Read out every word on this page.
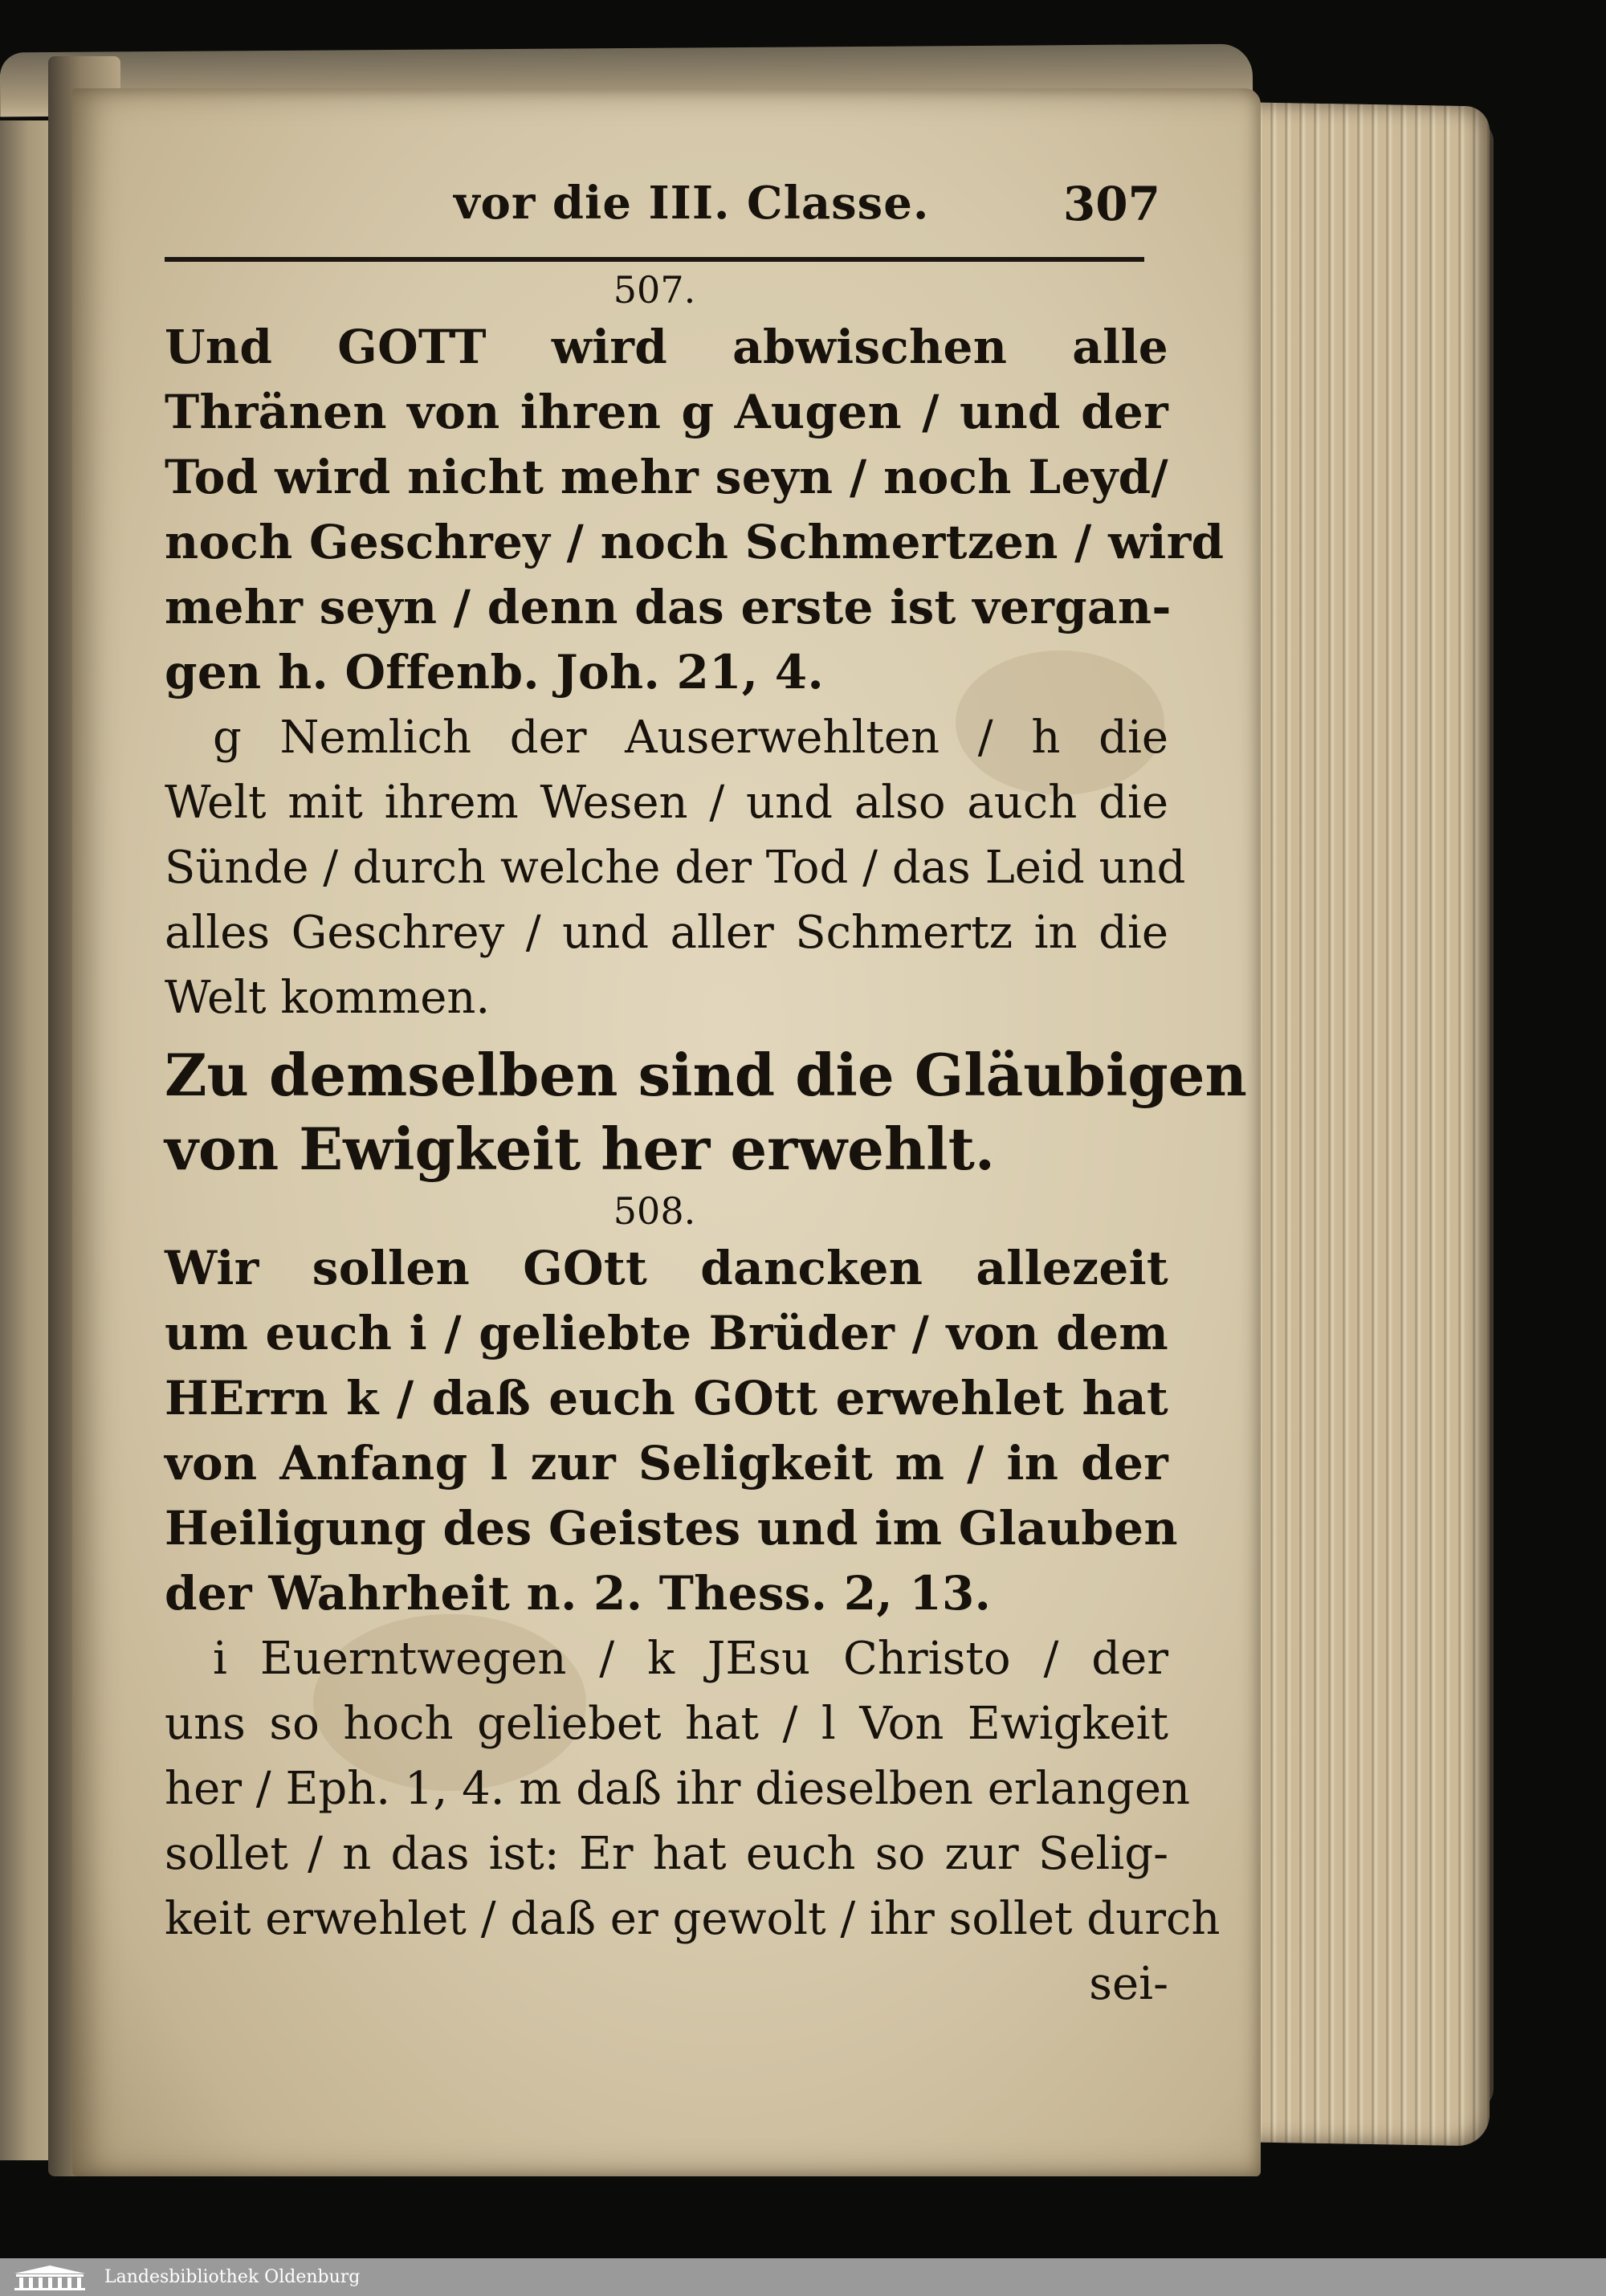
vor die III. Classe.	307
507.
Und GOTT wird abwischen alle
Thränen von ihren g Augen / und der
Tod wird nicht mehr seyn / noch Leyd/
noch Geschrey / noch Schmertzen / wird
mehr seyn / denn das erste ist vergan-
gen h. Offenb. Joh. 21, 4.
g Nemlich der Auserwehlten / h die
Welt mit ihrem Wesen / und also auch die
Sünde / durch welche der Tod / das Leid und
alles Geschrey / und aller Schmertz in die
Welt kommen.
Zu demselben sind die Gläubigen
von Ewigkeit her erwehlt.
508.
Wir sollen GOtt dancken allezeit
um euch i / geliebte Brüder / von dem
HErrn k / daß euch GOtt erwehlet hat
von Anfang l zur Seligkeit m / in der
Heiligung des Geistes und im Glauben
der Wahrheit n. 2. Thess. 2, 13.
i Euerntwegen / k JEsu Christo / der
uns so hoch geliebet hat / l Von Ewigkeit
her / Eph. 1, 4. m daß ihr dieselben erlangen
sollet / n das ist: Er hat euch so zur Selig-
keit erwehlet / daß er gewolt / ihr sollet durch
sei-
Landesbibliothek Oldenburg
